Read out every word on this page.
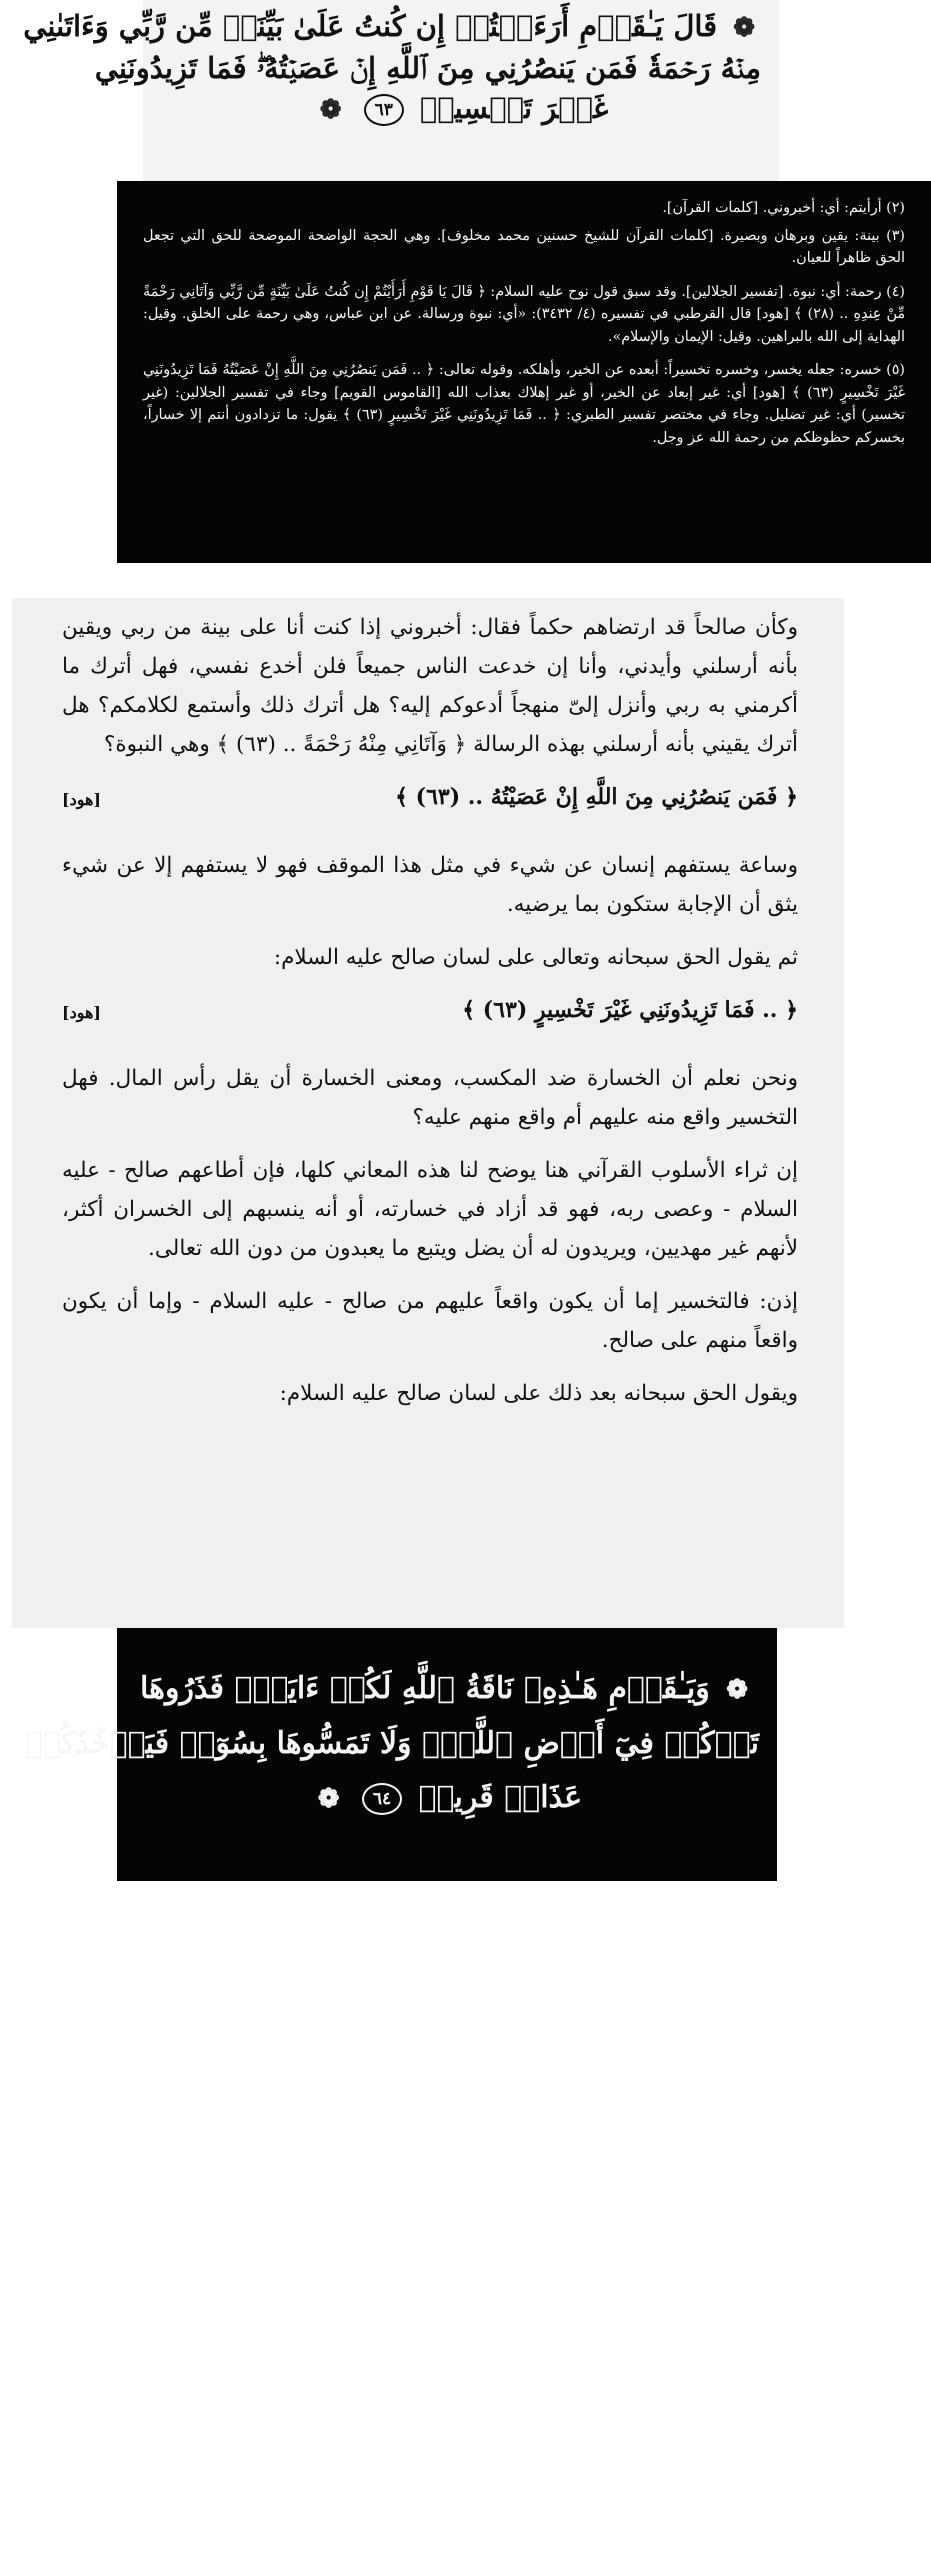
❁ قَالَ يَـٰقَوۡمِ أَرَءَيۡتُمۡ إِن كُنتُ عَلَىٰ بَيِّنَةٖ مِّن رَّبِّي وَءَاتَىٰنِي
مِنۡهُ رَحۡمَةٗ فَمَن يَنصُرُنِي مِنَ ٱللَّهِ إِنۡ عَصَيۡتُهُۥۖ فَمَا تَزِيدُونَنِي
غَيۡرَ تَخۡسِيرٖ ٦٣ ❁

(٢) أرأيتم: أي: أخبروني. [كلمات القرآن].

(٣) بينة: يقين وبرهان وبصيرة. [كلمات القرآن للشيخ حسنين محمد مخلوف]. وهي الحجة الواضحة الموضحة للحق التي تجعل الحق ظاهراً للعيان.

(٤) رحمة: أي: نبوة. [تفسير الجلالين]. وقد سبق قول نوح عليه السلام: ﴿ قَالَ يَا قَوْمِ أَرَأَيْتُمْ إِن كُنتُ عَلَىٰ بَيِّنَةٍ مِّن رَّبِّي وَآتَانِي رَحْمَةً مِّنْ عِندِهِ .. (٢٨) ﴾ [هود] قال القرطبي في تفسيره (٤/ ٣٤٣٢): «أي: نبوة ورسالة. عن ابن عباس، وهي رحمة على الخلق. وقيل: الهداية إلى الله بالبراهين. وقيل: الإيمان والإسلام».

(٥) خسره: جعله يخسر، وخسره تخسيراً: أبعده عن الخير، وأهلكه. وقوله تعالى: ﴿ .. فَمَن يَنصُرُنِي مِنَ اللَّهِ إِنْ عَصَيْتُهُ فَمَا تَزِيدُونَنِي غَيْرَ تَخْسِيرٍ (٦٣) ﴾ [هود] أي: غير إبعاد عن الخير، أو غير إهلاك بعذاب الله [القاموس القويم] وجاء في تفسير الجلالين: (غير تخسير) أي: غير تضليل. وجاء في مختصر تفسير الطبري: ﴿ .. فَمَا تَزِيدُونَنِي غَيْرَ تَخْسِيرٍ (٦٣) ﴾ يقول: ما تزدادون أنتم إلا خساراً، بخسركم حظوظكم من رحمة الله عز وجل.

وكأن صالحاً قد ارتضاهم حكماً فقال: أخبروني إذا كنت أنا على بينة من ربي ويقين بأنه أرسلني وأيدني، وأنا إن خدعت الناس جميعاً فلن أخدع نفسي، فهل أترك ما أكرمني به ربي وأنزل إلىّ منهجاً أدعوكم إليه؟ هل أترك ذلك وأستمع لكلامكم؟ هل أترك يقيني بأنه أرسلني بهذه الرسالة ﴿ وَآتَانِي مِنْهُ رَحْمَةً .. (٦٣) ﴾ وهي النبوة؟

﴿ فَمَن يَنصُرُنِي مِنَ اللَّهِ إِنْ عَصَيْتُهُ .. (٦٣) ﴾
[هود]

وساعة يستفهم إنسان عن شيء في مثل هذا الموقف فهو لا يستفهم إلا عن شيء يثق أن الإجابة ستكون بما يرضيه.

ثم يقول الحق سبحانه وتعالى على لسان صالح عليه السلام:

﴿ .. فَمَا تَزِيدُونَنِي غَيْرَ تَخْسِيرٍ (٦٣) ﴾
[هود]

ونحن نعلم أن الخسارة ضد المكسب، ومعنى الخسارة أن يقل رأس المال. فهل التخسير واقع منه عليهم أم واقع منهم عليه؟

إن ثراء الأسلوب القرآني هنا يوضح لنا هذه المعاني كلها، فإن أطاعهم صالح - عليه السلام - وعصى ربه، فهو قد أزاد في خسارته، أو أنه ينسبهم إلى الخسران أكثر، لأنهم غير مهديين، ويريدون له أن يضل ويتبع ما يعبدون من دون الله تعالى.

إذن: فالتخسير إما أن يكون واقعاً عليهم من صالح - عليه السلام - وإما أن يكون واقعاً منهم على صالح.

ويقول الحق سبحانه بعد ذلك على لسان صالح عليه السلام:

❁ وَيَـٰقَوۡمِ هَـٰذِهِۦ نَاقَةُ ٱللَّهِ لَكُمۡ ءَايَةٗۖ فَذَرُوهَا
تَأۡكُلۡ فِيٓ أَرۡضِ ٱللَّهِۖ وَلَا تَمَسُّوهَا بِسُوٓءٖ فَيَأۡخُذَكُمۡ
عَذَابٞ قَرِيبٞ ٦٤ ❁
